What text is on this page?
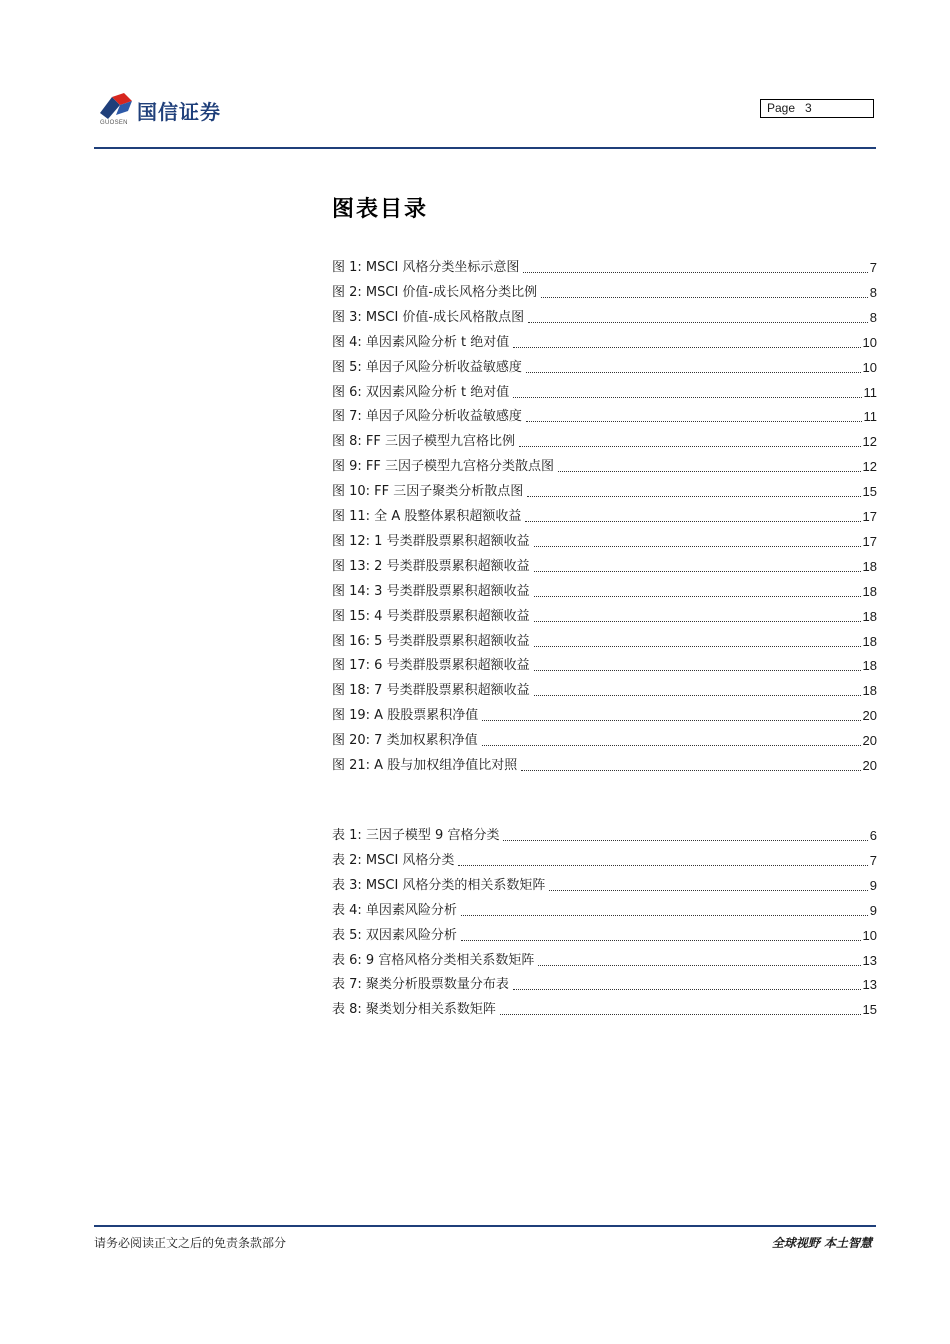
国信证券
GUOSEN
Page 3
图表目录
图 1: MSCI 风格分类坐标示意图	7
图 2: MSCI 价值-成长风格分类比例	8
图 3: MSCI 价值-成长风格散点图	8
图 4: 单因素风险分析 t 绝对值	10
图 5: 单因子风险分析收益敏感度	10
图 6: 双因素风险分析 t 绝对值	11
图 7: 单因子风险分析收益敏感度	11
图 8: FF 三因子模型九宫格比例	12
图 9: FF 三因子模型九宫格分类散点图	12
图 10: FF 三因子聚类分析散点图	15
图 11: 全 A 股整体累积超额收益	17
图 12: 1 号类群股票累积超额收益	17
图 13: 2 号类群股票累积超额收益	18
图 14: 3 号类群股票累积超额收益	18
图 15: 4 号类群股票累积超额收益	18
图 16: 5 号类群股票累积超额收益	18
图 17: 6 号类群股票累积超额收益	18
图 18: 7 号类群股票累积超额收益	18
图 19: A 股股票累积净值	20
图 20: 7 类加权累积净值	20
图 21: A 股与加权组净值比对照	20
表 1: 三因子模型 9 宫格分类	6
表 2: MSCI 风格分类	7
表 3: MSCI 风格分类的相关系数矩阵	9
表 4: 单因素风险分析	9
表 5: 双因素风险分析	10
表 6: 9 宫格风格分类相关系数矩阵	13
表 7: 聚类分析股票数量分布表	13
表 8: 聚类划分相关系数矩阵	15
请务必阅读正文之后的免责条款部分	全球视野 本土智慧
